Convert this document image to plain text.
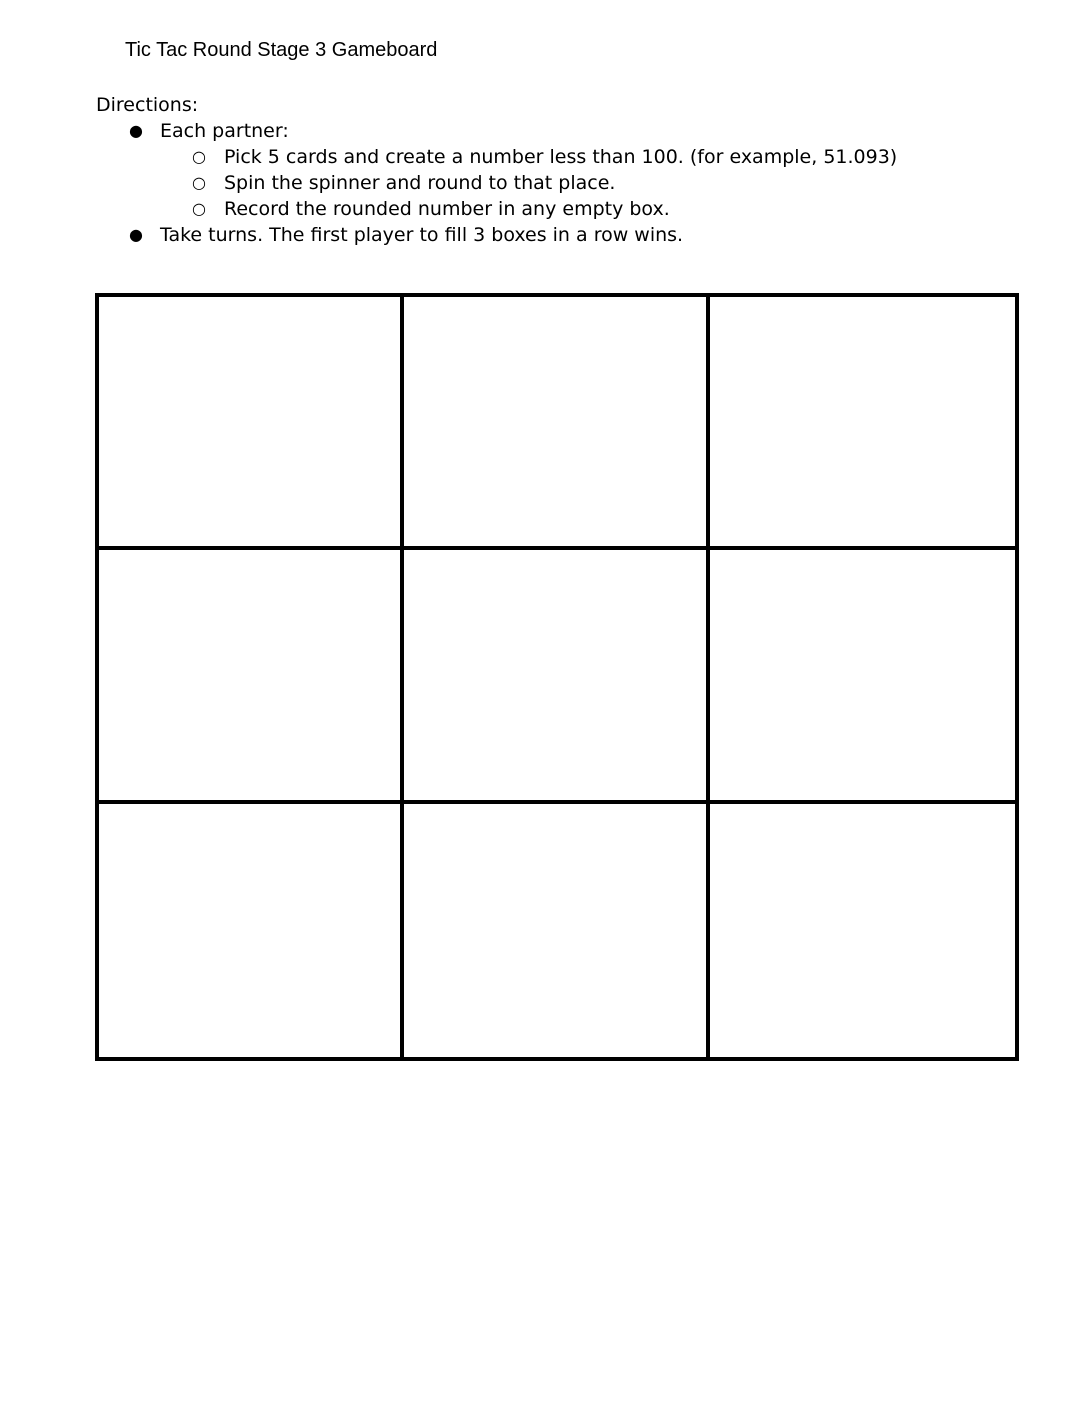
Tic Tac Round Stage 3 Gameboard
Directions:
● Each partner:
○ Pick 5 cards and create a number less than 100. (for example, 51.093)
○ Spin the spinner and round to that place.
○ Record the rounded number in any empty box.
● Take turns. The first player to fill 3 boxes in a row wins.
